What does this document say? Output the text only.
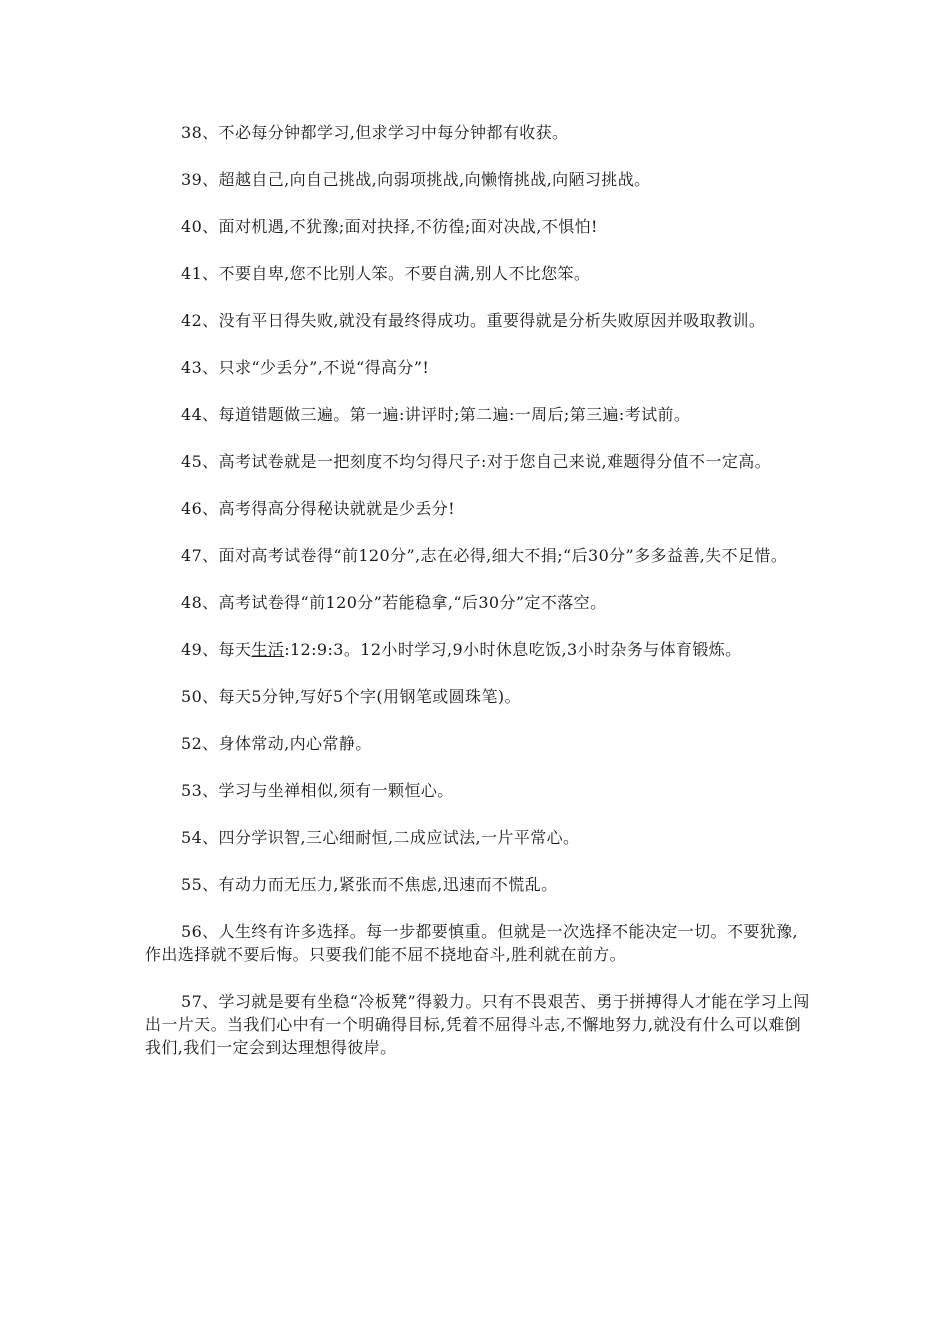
38、不必每分钟都学习,但求学习中每分钟都有收获。

39、超越自己,向自己挑战,向弱项挑战,向懒惰挑战,向陋习挑战。

40、面对机遇,不犹豫;面对抉择,不彷徨;面对决战,不惧怕!

41、不要自卑,您不比别人笨。不要自满,别人不比您笨。

42、没有平日得失败,就没有最终得成功。重要得就是分析失败原因并吸取教训。

43、只求“少丢分”,不说“得高分”!

44、每道错题做三遍。第一遍:讲评时;第二遍:一周后;第三遍:考试前。

45、高考试卷就是一把刻度不均匀得尺子:对于您自己来说,难题得分值不一定高。

46、高考得高分得秘诀就就是少丢分!

47、面对高考试卷得“前120分”,志在必得,细大不捐;“后30分”多多益善,失不足惜。

48、高考试卷得“前120分”若能稳拿,“后30分”定不落空。

49、每天生活:12:9:3。12小时学习,9小时休息吃饭,3小时杂务与体育锻炼。

50、每天5分钟,写好5个字(用钢笔或圆珠笔)。

52、身体常动,内心常静。

53、学习与坐禅相似,须有一颗恒心。

54、四分学识智,三心细耐恒,二成应试法,一片平常心。

55、有动力而无压力,紧张而不焦虑,迅速而不慌乱。

56、人生终有许多选择。每一步都要慎重。但就是一次选择不能决定一切。不要犹豫,作出选择就不要后悔。只要我们能不屈不挠地奋斗,胜利就在前方。

57、学习就是要有坐稳“冷板凳”得毅力。只有不畏艰苦、勇于拼搏得人才能在学习上闯出一片天。当我们心中有一个明确得目标,凭着不屈得斗志,不懈地努力,就没有什么可以难倒我们,我们一定会到达理想得彼岸。
